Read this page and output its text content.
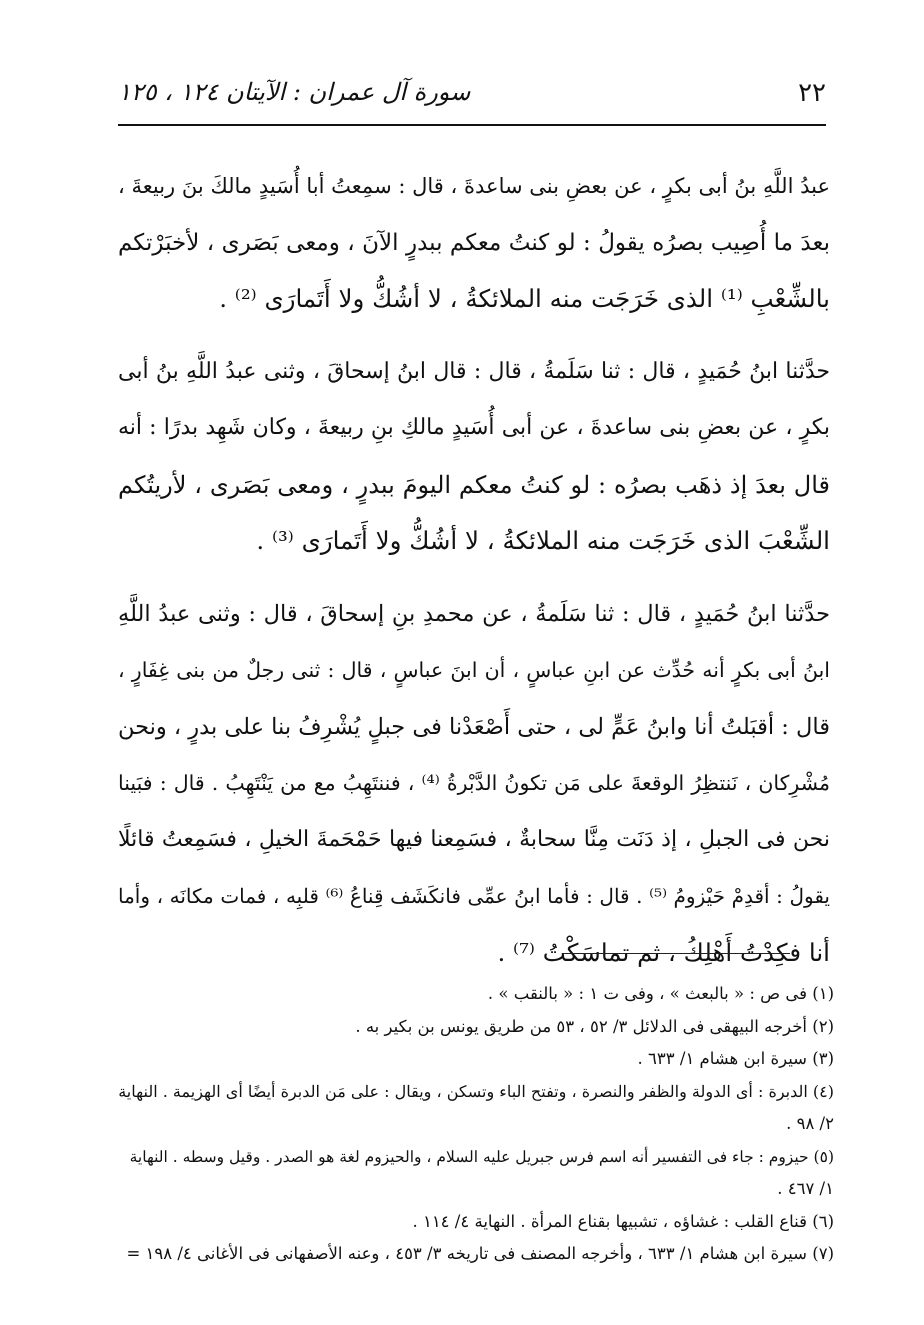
٢٢
سورة آل عمران : الآيتان ١٢٤ ، ١٢٥
عبدُ اللَّهِ بنُ أبى بكرٍ ، عن بعضِ بنى ساعدةَ ، قال : سمِعتُ أبا أُسَيدٍ مالكَ بنَ ربيعةَ ،
بعدَ ما أُصِيب بصرُه يقولُ : لو كنتُ معكم ببدرٍ الآنَ ، ومعى بَصَرى ، لأخبَرْتكم
بالشِّعْبِ ⁽¹⁾ الذى خَرَجَت منه الملائكةُ ، لا أشُكُّ ولا أَتَمارَى ⁽²⁾ .
حدَّثنا ابنُ حُمَيدٍ ، قال : ثنا سَلَمةُ ، قال : قال ابنُ إسحاقَ ، وثنى عبدُ اللَّهِ بنُ أبى
بكرٍ ، عن بعضِ بنى ساعدةَ ، عن أبى أُسَيدٍ مالكِ بنِ ربيعةَ ، وكان شَهِد بدرًا : أنه
قال بعدَ إذ ذهَب بصرُه : لو كنتُ معكم اليومَ ببدرٍ ، ومعى بَصَرى ، لأريتُكم
الشِّعْبَ الذى خَرَجَت منه الملائكةُ ، لا أشُكُّ ولا أَتَمارَى ⁽³⁾ .
حدَّثنا ابنُ حُمَيدٍ ، قال : ثنا سَلَمةُ ، عن محمدِ بنِ إسحاقَ ، قال : وثنى عبدُ اللَّهِ
ابنُ أبى بكرٍ أنه حُدِّث عن ابنِ عباسٍ ، أن ابنَ عباسٍ ، قال : ثنى رجلٌ من بنى غِفَارٍ ،
قال : أقبَلتُ أنا وابنُ عَمٍّ لى ، حتى أَصْعَدْنا فى جبلٍ يُشْرِفُ بنا على بدرٍ ، ونحن
مُشْرِكان ، نَنتظِرُ الوقعةَ على مَن تكونُ الدَّبْرةُ ⁽⁴⁾ ، فننتَهِبُ مع من يَنْتَهِبُ . قال : فبَينا
نحن فى الجبلِ ، إذ دَنَت مِنَّا سحابةٌ ، فسَمِعنا فيها حَمْحَمةَ الخيلِ ، فسَمِعتُ قائلًا
يقولُ : أقدِمْ حَيْزومُ ⁽⁵⁾ . قال : فأما ابنُ عمِّى فانكَشَف قِناعُ ⁽⁶⁾ قلبِه ، فمات مكانَه ، وأما
أنا فكِدْتُ أَهْلِكُ ، ثم تماسَكْتُ ⁽⁷⁾ .
(١) فى ص : « بالبعث » ، وفى ت ١ : « بالنقب » .
(٢) أخرجه البيهقى فى الدلائل ٣/ ٥٢ ، ٥٣ من طريق يونس بن بكير به .
(٣) سيرة ابن هشام ١/ ٦٣٣ .
(٤) الدبرة : أى الدولة والظفر والنصرة ، وتفتح الباء وتسكن ، ويقال : على مَن الدبرة أيضًا أى الهزيمة . النهاية
٢/ ٩٨ .
(٥) حيزوم : جاء فى التفسير أنه اسم فرس جبريل عليه السلام ، والحيزوم لغة هو الصدر . وقيل وسطه . النهاية
١/ ٤٦٧ .
(٦) قناع القلب : غشاؤه ، تشبيها بقناع المرأة . النهاية ٤/ ١١٤ .
(٧) سيرة ابن هشام ١/ ٦٣٣ ، وأخرجه المصنف فى تاريخه ٣/ ٤٥٣ ، وعنه الأصفهانى فى الأغانى ٤/ ١٩٨ =
